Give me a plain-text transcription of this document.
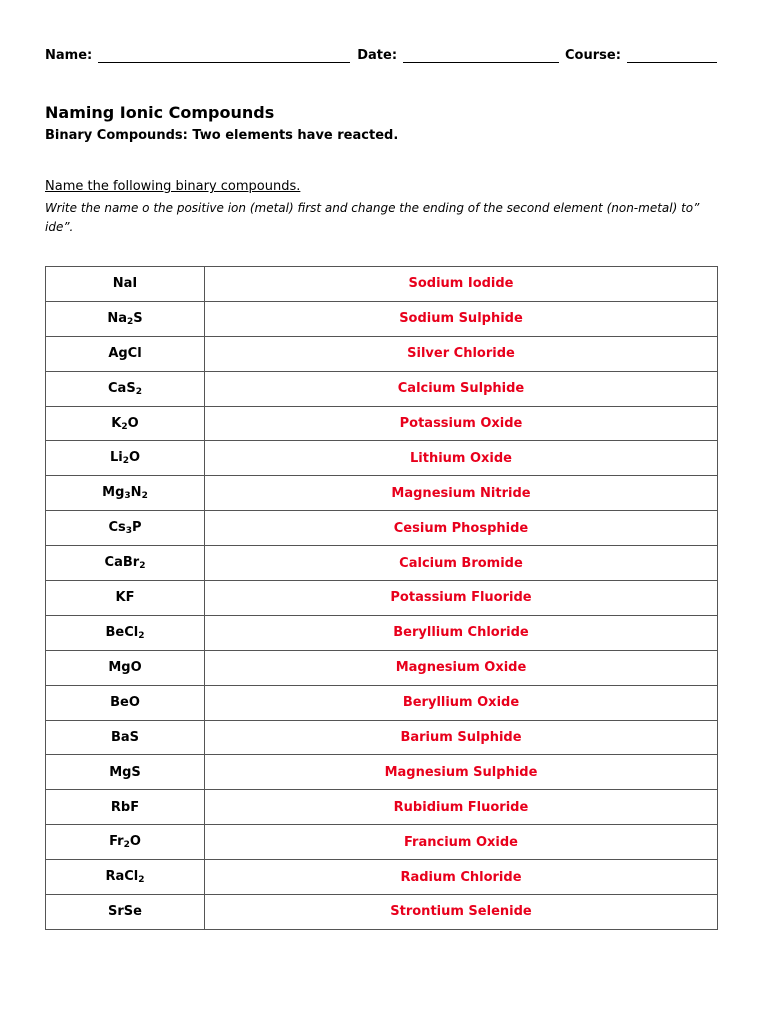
Name:	Date:	Course:
Naming Ionic Compounds
Binary Compounds: Two elements have reacted.
Name the following binary compounds.
Write the name o the positive ion (metal) first and change the ending of the second element (non-metal) to” ide”.
NaI	Sodium Iodide
$Na_2S$	Sodium Sulphide
AgCl	Silver Chloride
CaS$_2$	Calcium Sulphide
$K_2O$	Potassium Oxide
$Li_2O$	Lithium Oxide
$Mg_3N_2$	Magnesium Nitride
$Cs_3P$	Cesium Phosphide
CaBr$_2$	Calcium Bromide
KF	Potassium Fluoride
BeCl$_2$	Beryllium Chloride
MgO	Magnesium Oxide
BeO	Beryllium Oxide
BaS	Barium Sulphide
MgS	Magnesium Sulphide
RbF	Rubidium Fluoride
$Fr_2O$	Francium Oxide
RaCl$_2$	Radium Chloride
SrSe	Strontium Selenide
